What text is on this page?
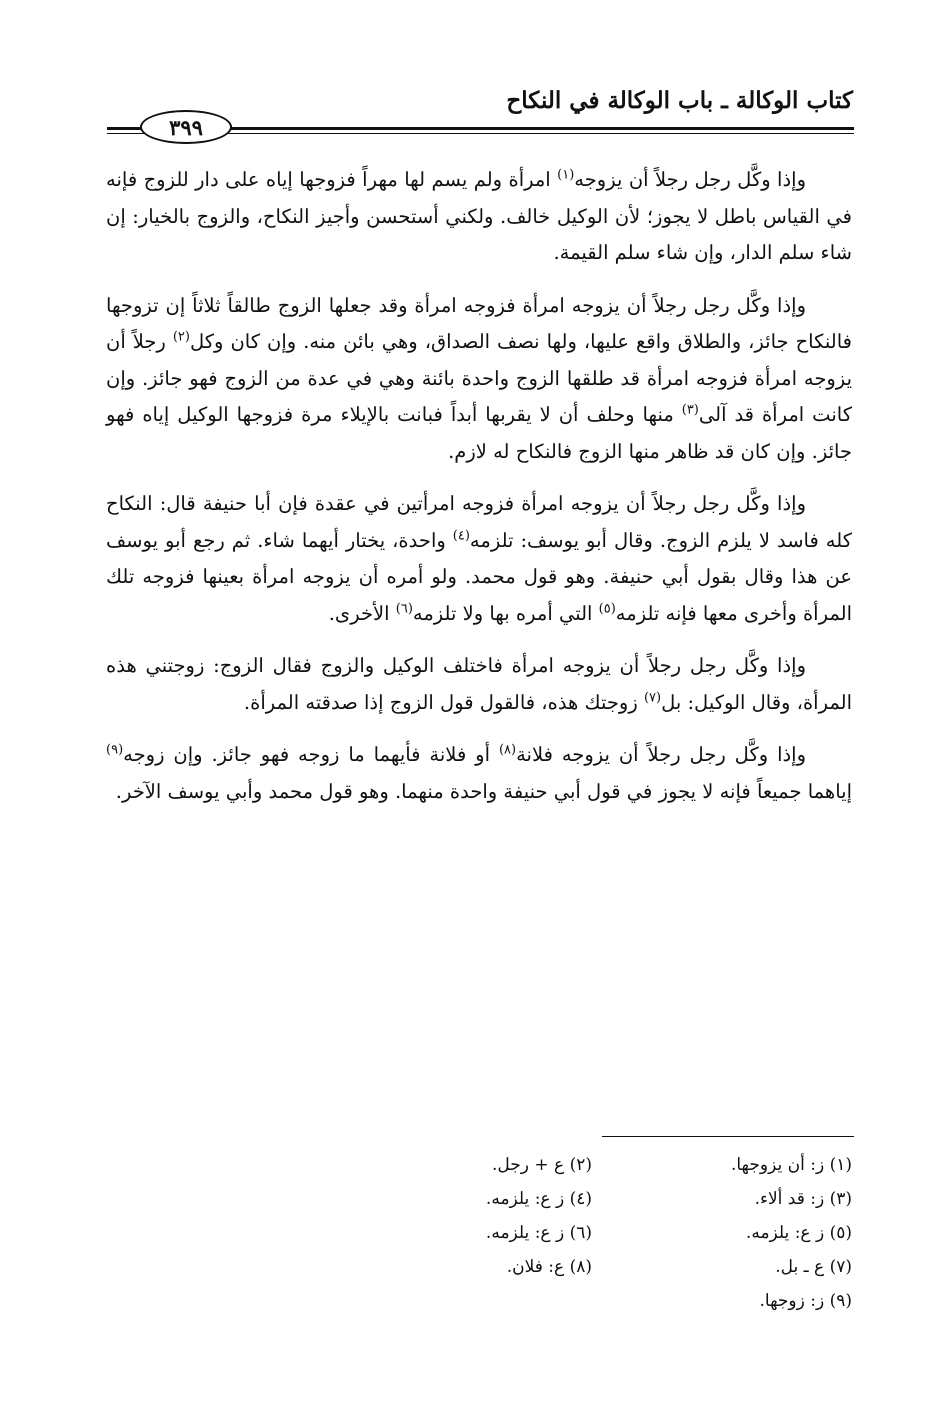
كتاب الوكالة ـ باب الوكالة في النكاح
٣٩٩

وإذا وكَّل رجل رجلاً أن يزوجه$^{(١)}$ امرأة ولم يسم لها مهراً فزوجها إياه على دار للزوج فإنه في القياس باطل لا يجوز؛ لأن الوكيل خالف. ولكني أستحسن وأجيز النكاح، والزوج بالخيار: إن شاء سلم الدار، وإن شاء سلم القيمة.

وإذا وكَّل رجل رجلاً أن يزوجه امرأة فزوجه امرأة وقد جعلها الزوج طالقاً ثلاثاً إن تزوجها فالنكاح جائز، والطلاق واقع عليها، ولها نصف الصداق، وهي بائن منه. وإن كان وكل$^{(٢)}$ رجلاً أن يزوجه امرأة فزوجه امرأة قد طلقها الزوج واحدة بائنة وهي في عدة من الزوج فهو جائز. وإن كانت امرأة قد آلى$^{(٣)}$ منها وحلف أن لا يقربها أبداً فبانت بالإيلاء مرة فزوجها الوكيل إياه فهو جائز. وإن كان قد ظاهر منها الزوج فالنكاح له لازم.

وإذا وكَّل رجل رجلاً أن يزوجه امرأة فزوجه امرأتين في عقدة فإن أبا حنيفة قال: النكاح كله فاسد لا يلزم الزوج. وقال أبو يوسف: تلزمه$^{(٤)}$ واحدة، يختار أيهما شاء. ثم رجع أبو يوسف عن هذا وقال بقول أبي حنيفة. وهو قول محمد. ولو أمره أن يزوجه امرأة بعينها فزوجه تلك المرأة وأخرى معها فإنه تلزمه$^{(٥)}$ التي أمره بها ولا تلزمه$^{(٦)}$ الأخرى.

وإذا وكَّل رجل رجلاً أن يزوجه امرأة فاختلف الوكيل والزوج فقال الزوج: زوجتني هذه المرأة، وقال الوكيل: بل$^{(٧)}$ زوجتك هذه، فالقول قول الزوج إذا صدقته المرأة.

وإذا وكَّل رجل رجلاً أن يزوجه فلانة$^{(٨)}$ أو فلانة فأيهما ما زوجه فهو جائز. وإن زوجه$^{(٩)}$ إياهما جميعاً فإنه لا يجوز في قول أبي حنيفة واحدة منهما. وهو قول محمد وأبي يوسف الآخر.

(١) ز: أن يزوجها.
(٢) ع + رجل.
(٣) ز: قد ألاء.
(٤) ز ع: يلزمه.
(٥) ز ع: يلزمه.
(٦) ز ع: يلزمه.
(٧) ع ـ بل.
(٨) ع: فلان.
(٩) ز: زوجها.
